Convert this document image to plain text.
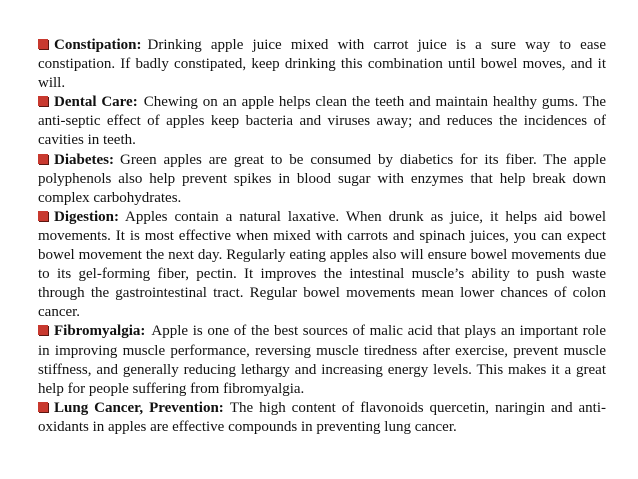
Constipation: Drinking apple juice mixed with carrot juice is a sure way to ease constipation. If badly constipated, keep drinking this combination until bowel moves, and it will.

Dental Care: Chewing on an apple helps clean the teeth and maintain healthy gums. The anti-septic effect of apples keep bacteria and viruses away; and reduces the incidences of cavities in teeth.

Diabetes: Green apples are great to be consumed by diabetics for its fiber. The apple polyphenols also help prevent spikes in blood sugar with enzymes that help break down complex carbohydrates.

Digestion: Apples contain a natural laxative. When drunk as juice, it helps aid bowel movements. It is most effective when mixed with carrots and spinach juices, you can expect bowel movement the next day. Regularly eating apples also will ensure bowel movements due to its gel-forming fiber, pectin. It improves the intestinal muscle’s ability to push waste through the gastrointestinal tract. Regular bowel movements mean lower chances of colon cancer.

Fibromyalgia: Apple is one of the best sources of malic acid that plays an important role in improving muscle performance, reversing muscle tiredness after exercise, prevent muscle stiffness, and generally reducing lethargy and increasing energy levels. This makes it a great help for people suffering from fibromyalgia.

Lung Cancer, Prevention: The high content of flavonoids quercetin, naringin and anti-oxidants in apples are effective compounds in preventing lung cancer.
